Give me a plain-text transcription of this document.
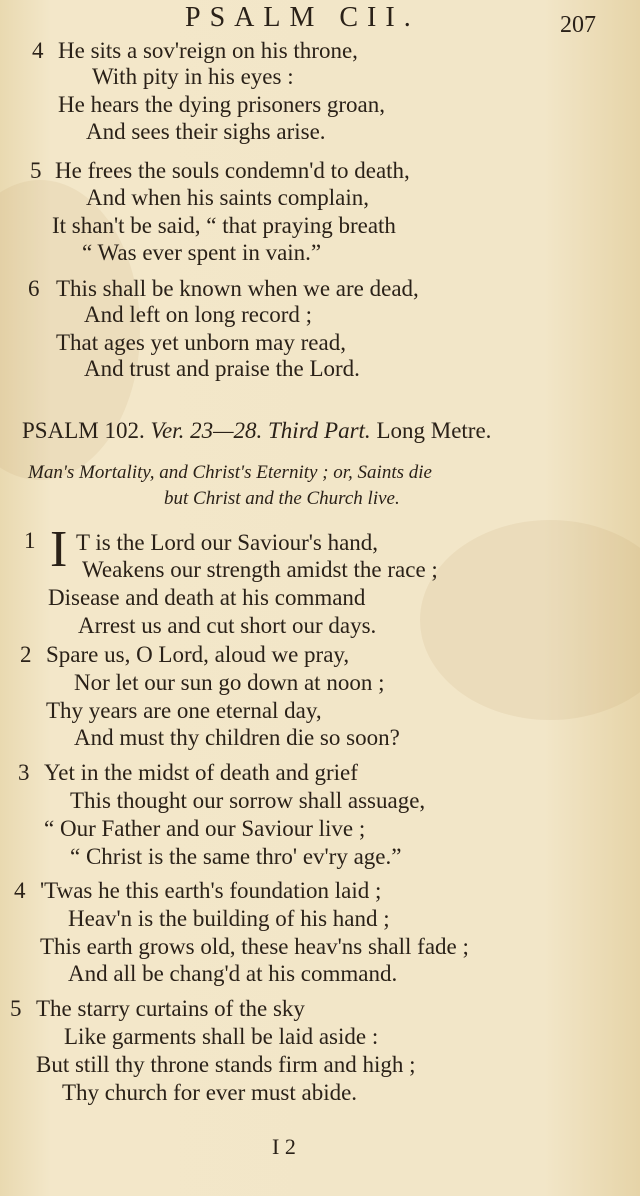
PSALM CII.	207
4 He sits a sov'reign on his throne,
With pity in his eyes :
He hears the dying prisoners groan,
And sees their sighs arise.
5 He frees the souls condemn'd to death,
And when his saints complain,
It shan't be said, “ that praying breath
“ Was ever spent in vain.”
6 This shall be known when we are dead,
And left on long record ;
That ages yet unborn may read,
And trust and praise the Lord.
PSALM 102. Ver. 23—28. Third Part. Long Metre.
Man's Mortality, and Christ's Eternity ; or, Saints die
but Christ and the Church live.
1 I T is the Lord our Saviour's hand,
Weakens our strength amidst the race ;
Disease and death at his command
Arrest us and cut short our days.
2 Spare us, O Lord, aloud we pray,
Nor let our sun go down at noon ;
Thy years are one eternal day,
And must thy children die so soon?
3 Yet in the midst of death and grief
This thought our sorrow shall assuage,
“ Our Father and our Saviour live ;
“ Christ is the same thro' ev'ry age.”
4 'Twas he this earth's foundation laid ;
Heav'n is the building of his hand ;
This earth grows old, these heav'ns shall fade ;
And all be chang'd at his command.
5 The starry curtains of the sky
Like garments shall be laid aside :
But still thy throne stands firm and high ;
Thy church for ever must abide.
I 2
